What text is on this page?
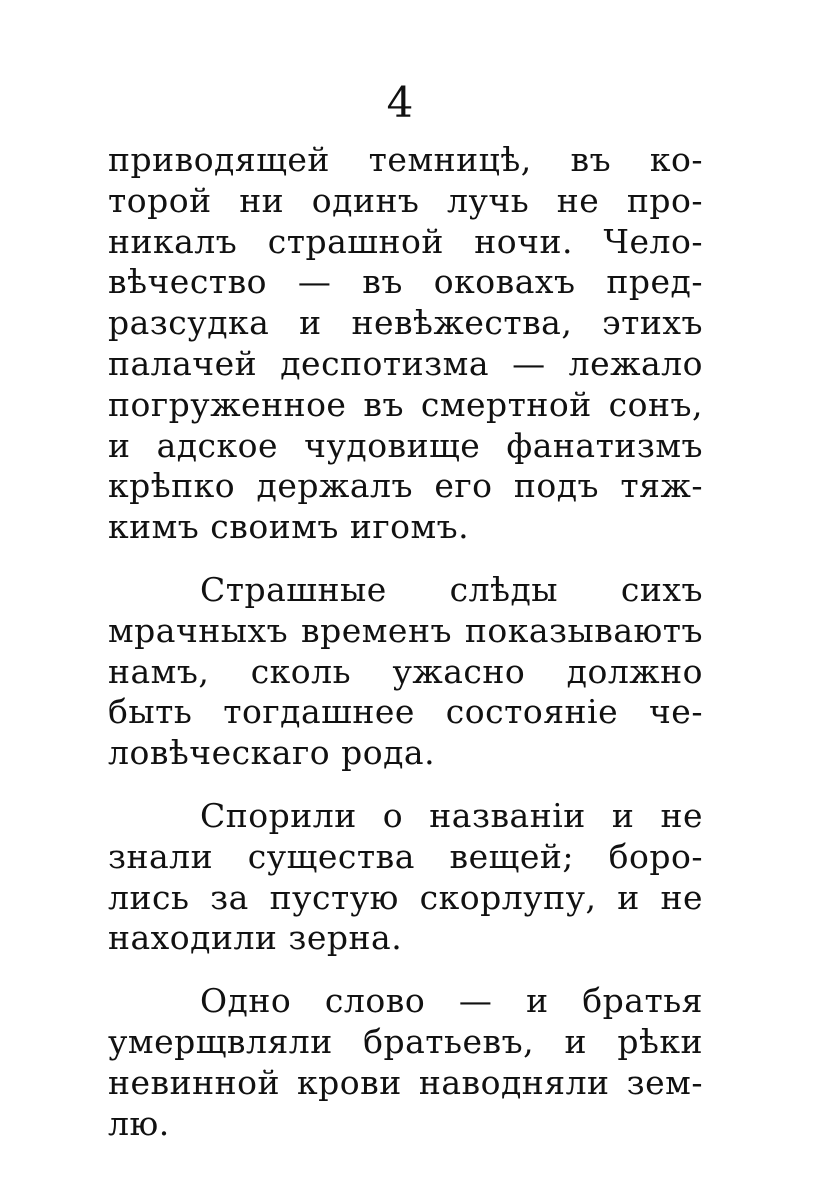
4
приводящей темницѣ, въ ко-
торой ни одинъ лучь не про-
никалъ страшной ночи. Чело-
вѣчество — въ оковахъ пред-
разсудка и невѣжества, этихъ
палачей деспотизма — лежало
погруженное въ смертной сонъ,
и адское чудовище фанатизмъ
крѣпко держалъ его подъ тяж-
кимъ своимъ игомъ.
Страшные слѣды сихъ
мрачныхъ временъ показываютъ
намъ, сколь ужасно должно
быть тогдашнее состояніе че-
ловѣческаго рода.
Спорили о названіи и не
знали существа вещей; боро-
лись за пустую скорлупу, и не
находили зерна.
Одно слово — и братья
умерщвляли братьевъ, и рѣки
невинной крови наводняли зем-
лю.
